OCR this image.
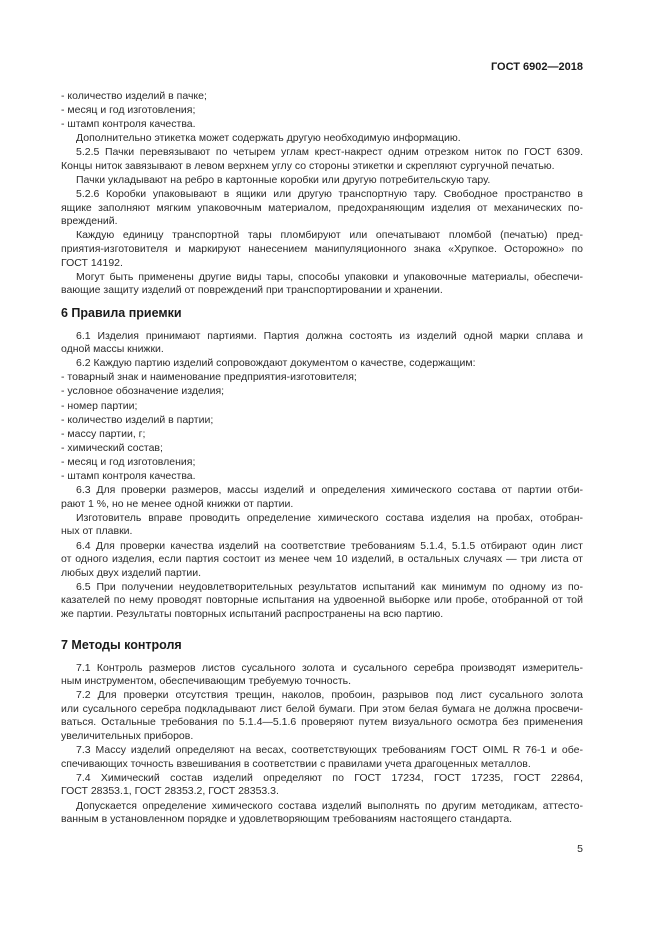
ГОСТ 6902—2018
- количество изделий в пачке;
- месяц и год изготовления;
- штамп контроля качества.
Дополнительно этикетка может содержать другую необходимую информацию.
5.2.5 Пачки перевязывают по четырем углам крест-накрест одним отрезком ниток по ГОСТ 6309.
Концы ниток завязывают в левом верхнем углу со стороны этикетки и скрепляют сургучной печатью.
Пачки укладывают на ребро в картонные коробки или другую потребительскую тару.
5.2.6 Коробки упаковывают в ящики или другую транспортную тару. Свободное пространство в
ящике заполняют мягким упаковочным материалом, предохраняющим изделия от механических по-
вреждений.
Каждую единицу транспортной тары пломбируют или опечатывают пломбой (печатью) пред-
приятия-изготовителя и маркируют нанесением манипуляционного знака «Хрупкое. Осторожно» по
ГОСТ 14192.
Могут быть применены другие виды тары, способы упаковки и упаковочные материалы, обеспечи-
вающие защиту изделий от повреждений при транспортировании и хранении.
6 Правила приемки
6.1 Изделия принимают партиями. Партия должна состоять из изделий одной марки сплава и
одной массы книжки.
6.2 Каждую партию изделий сопровождают документом о качестве, содержащим:
- товарный знак и наименование предприятия-изготовителя;
- условное обозначение изделия;
- номер партии;
- количество изделий в партии;
- массу партии, г;
- химический состав;
- месяц и год изготовления;
- штамп контроля качества.
6.3 Для проверки размеров, массы изделий и определения химического состава от партии отби-
рают 1 %, но не менее одной книжки от партии.
Изготовитель вправе проводить определение химического состава изделия на пробах, отобран-
ных от плавки.
6.4 Для проверки качества изделий на соответствие требованиям 5.1.4, 5.1.5 отбирают один лист
от одного изделия, если партия состоит из менее чем 10 изделий, в остальных случаях — три листа от
любых двух изделий партии.
6.5 При получении неудовлетворительных результатов испытаний как минимум по одному из по-
казателей по нему проводят повторные испытания на удвоенной выборке или пробе, отобранной от той
же партии. Результаты повторных испытаний распространены на всю партию.
7 Методы контроля
7.1 Контроль размеров листов сусального золота и сусального серебра производят измеритель-
ным инструментом, обеспечивающим требуемую точность.
7.2 Для проверки отсутствия трещин, наколов, пробоин, разрывов под лист сусального золота
или сусального серебра подкладывают лист белой бумаги. При этом белая бумага не должна просвечи-
ваться. Остальные требования по 5.1.4—5.1.6 проверяют путем визуального осмотра без применения
увеличительных приборов.
7.3 Массу изделий определяют на весах, соответствующих требованиям ГОСТ OIML R 76-1 и обе-
спечивающих точность взвешивания в соответствии с правилами учета драгоценных металлов.
7.4 Химический состав изделий определяют по ГОСТ 17234, ГОСТ 17235, ГОСТ 22864,
ГОСТ 28353.1, ГОСТ 28353.2, ГОСТ 28353.3.
Допускается определение химического состава изделий выполнять по другим методикам, аттесто-
ванным в установленном порядке и удовлетворяющим требованиям настоящего стандарта.
5
